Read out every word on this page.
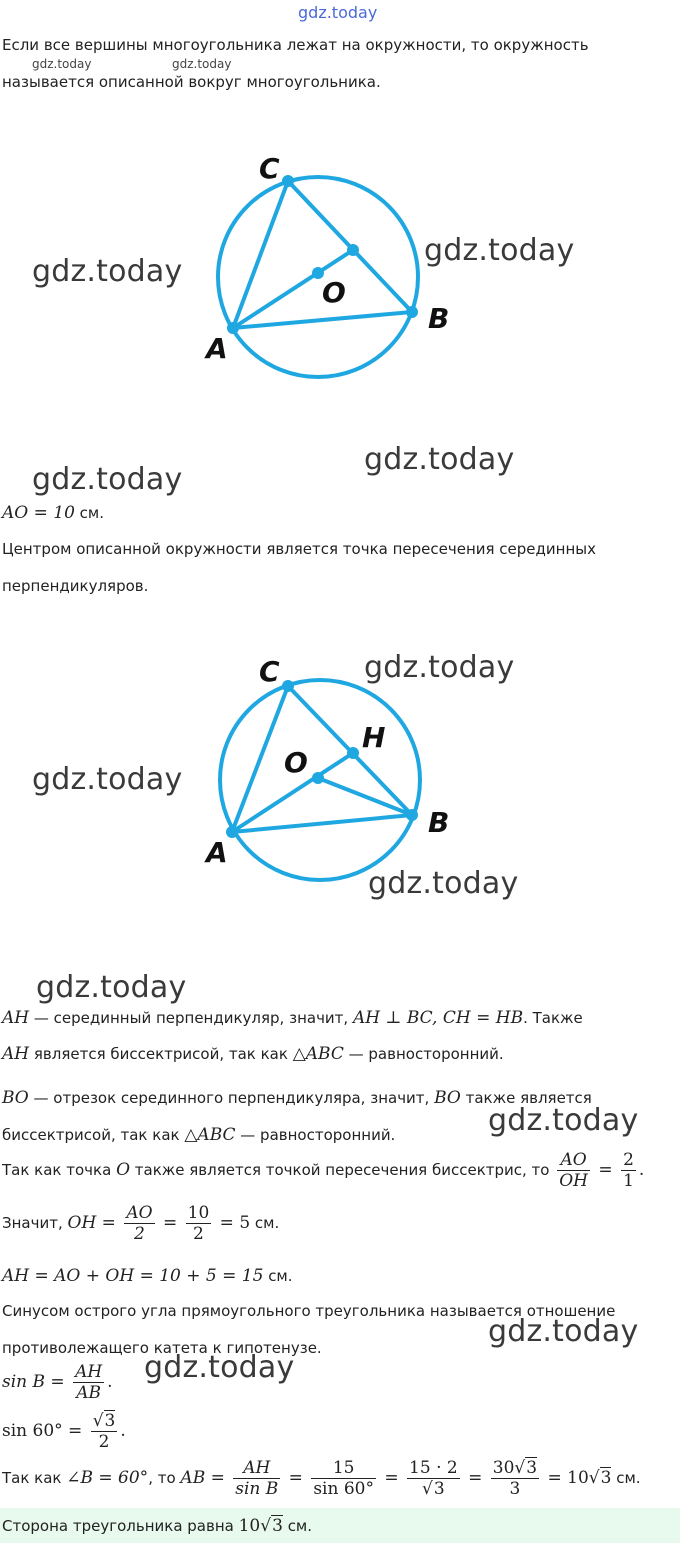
gdz.today
Если все вершины многоугольника лежат на окружности, то окружность
gdz.today	gdz.today
называется описанной вокруг многоугольника.
C
O
B
A
gdz.today
gdz.today
gdz.today
gdz.today
AO = 10 см.
Центром описанной окружности является точка пересечения серединных
перпендикуляров.
C
O
H
B
A
gdz.today
gdz.today
gdz.today
gdz.today
AH — серединный перпендикуляр, значит, AH ⊥ BC, CH = HB. Также
AH является биссектрисой, так как △ABC — равносторонний.
BO — отрезок серединного перпендикуляра, значит, BO также является
биссектрисой, так как △ABC — равносторонний.	gdz.today
Так как точка O также является точкой пересечения биссектрис, то $\frac{AO}{OH} = \frac{2}{1}$ .
Значит, OH = $\frac{AO}{2} = \frac{10}{2} = 5$ см.
AH = AO + OH = 10 + 5 = 15 см.
Синусом острого угла прямоугольного треугольника называется отношение
противолежащего катета к гипотенузе.	gdz.today
$\sin B = \frac{AH}{AB}$ . gdz.today
$\sin 60^\circ = \frac{√3}{2}$ .
Так как ∠B = 60°, то AB = $\frac{AH}{\text{sin B}} = \frac{15}{\sin 60^\circ} = \frac{15 \cdot 2}{√3} = \frac{30√3}{3} = 10√3$ см.
Сторона треугольника равна 10√3 см.
